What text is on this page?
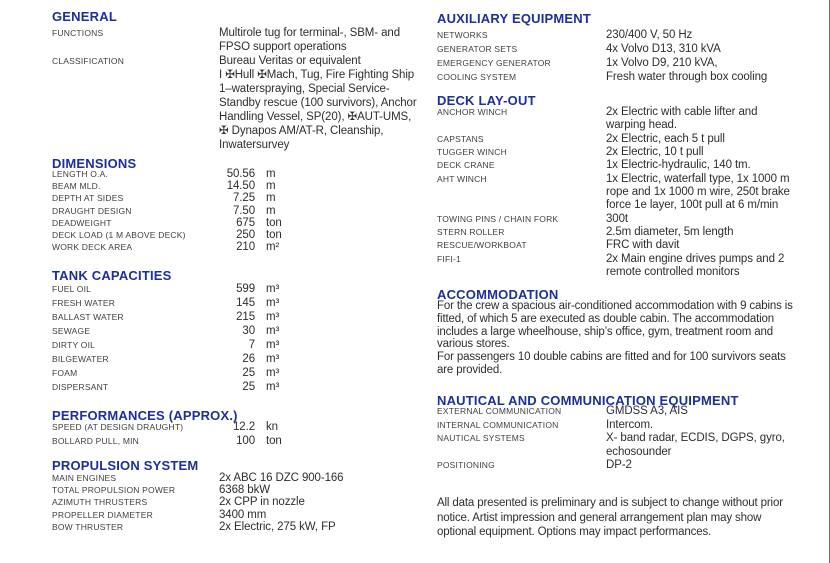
GENERAL
FUNCTIONS	Multirole tug for terminal-, SBM- and
FPSO support operations
CLASSIFICATION	Bureau Veritas or equivalent
I ✠Hull ✠Mach, Tug, Fire Fighting Ship
1–waterspraying, Special Service-
Standby rescue (100 survivors), Anchor
Handling Vessel, SP(20), ✠AUT-UMS,
✠ Dynapos AM/AT-R, Cleanship,
Inwatersurvey
DIMENSIONS
LENGTH O.A.	50.56 m
BEAM MLD.	14.50 m
DEPTH AT SIDES	7.25 m
DRAUGHT DESIGN	7.50 m
DEADWEIGHT	675 ton
DECK LOAD (1 M ABOVE DECK)	250 ton
WORK DECK AREA	210 m²
TANK CAPACITIES
FUEL OIL	599 m³
FRESH WATER	145 m³
BALLAST WATER	215 m³
SEWAGE	30 m³
DIRTY OIL	7 m³
BILGEWATER	26 m³
FOAM	25 m³
DISPERSANT	25 m³
PERFORMANCES (APPROX.)
SPEED (AT DESIGN DRAUGHT)	12.2 kn
BOLLARD PULL, MIN	100 ton
PROPULSION SYSTEM
MAIN ENGINES	2x ABC 16 DZC 900-166
TOTAL PROPULSION POWER	6368 bkW
AZIMUTH THRUSTERS	2x CPP in nozzle
PROPELLER DIAMETER	3400 mm
BOW THRUSTER	2x Electric, 275 kW, FP
AUXILIARY EQUIPMENT
NETWORKS	230/400 V, 50 Hz
GENERATOR SETS	4x Volvo D13, 310 kVA
EMERGENCY GENERATOR	1x Volvo D9, 210 kVA,
COOLING SYSTEM	Fresh water through box cooling
DECK LAY-OUT
ANCHOR WINCH	2x Electric with cable lifter and
warping head.
CAPSTANS	2x Electric, each 5 t pull
TUGGER WINCH	2x Electric, 10 t pull
DECK CRANE	1x Electric-hydraulic, 140 tm.
AHT WINCH	1x Electric, waterfall type, 1x 1000 m
rope and 1x 1000 m wire, 250t brake
force 1e layer, 100t pull at 6 m/min
TOWING PINS / CHAIN FORK	300t
STERN ROLLER	2.5m diameter, 5m length
RESCUE/WORKBOAT	FRC with davit
FIFI-1	2x Main engine drives pumps and 2
remote controlled monitors
ACCOMMODATION
For the crew a spacious air-conditioned accommodation with 9 cabins is
fitted, of which 5 are executed as double cabin. The accommodation
includes a large wheelhouse, ship’s office, gym, treatment room and
various stores.
For passengers 10 double cabins are fitted and for 100 survivors seats
are provided.
NAUTICAL AND COMMUNICATION EQUIPMENT
EXTERNAL COMMUNICATION	GMDSS A3, AIS
INTERNAL COMMUNICATION	Intercom.
NAUTICAL SYSTEMS	X- band radar, ECDIS, DGPS, gyro,
echosounder
POSITIONING	DP-2
All data presented is preliminary and is subject to change without prior
notice. Artist impression and general arrangement plan may show
optional equipment. Options may impact performances.
